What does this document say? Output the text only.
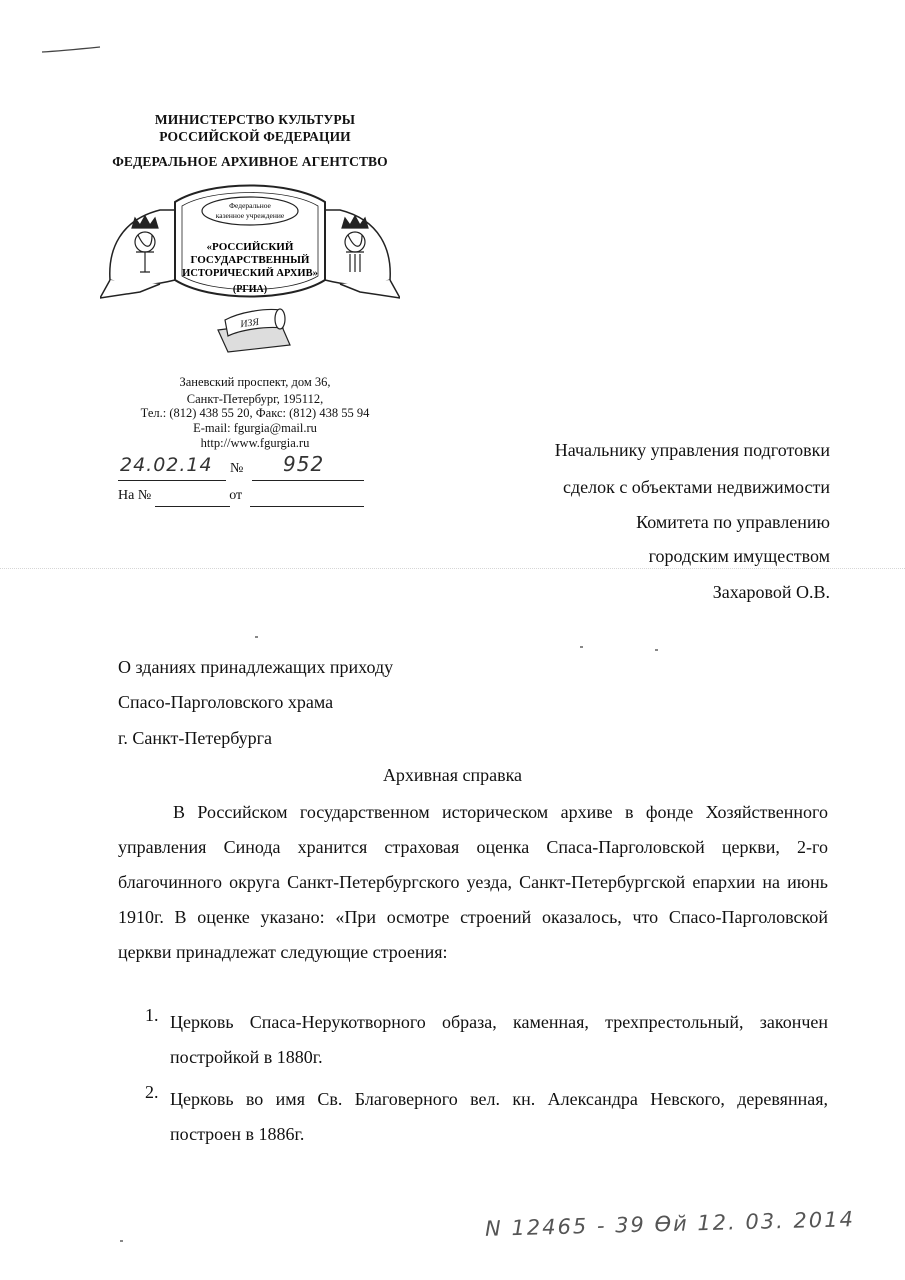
МИНИСТЕРСТВО КУЛЬТУРЫ
РОССИЙСКОЙ ФЕДЕРАЦИИ
ФЕДЕРАЛЬНОЕ АРХИВНОЕ АГЕНТСТВО
Федеральное
казенное учреждение
«РОССИЙСКИЙ
ГОСУДАРСТВЕННЫЙ
ИСТОРИЧЕСКИЙ АРХИВ»
(РГИА)
ИЗЯ
Заневский проспект, дом 36,
Санкт-Петербург, 195112,
Тел.: (812) 438 55 20, Факс: (812) 438 55 94
E-mail: fgurgia@mail.ru
http://www.fgurgia.ru
24.02.14 № 952
На №	от
Начальнику управления подготовки
сделок с объектами недвижимости
Комитета по управлению
городским имуществом
Захаровой О.В.
О зданиях принадлежащих приходу
Спасо-Парголовского храма
г. Санкт-Петербурга
Архивная справка

В Российском государственном историческом архиве в фонде Хозяйственного управления Синода хранится страховая оценка Спаса-Парголовской церкви, 2-го благочинного округа Санкт-Петербургского уезда, Санкт-Петербургской епархии на июнь 1910г. В оценке указано: «При осмотре строений оказалось, что Спасо-Парголовской церкви принадлежат следующие строения:

1. Церковь Спаса-Нерукотворного образа, каменная, трехпрестольный, закончен постройкой в 1880г.

2. Церковь во имя Св. Благоверного вел. кн. Александра Невского, деревянная, построен в 1886г.

N 12465 - 39 Өй 12. 03. 2014
